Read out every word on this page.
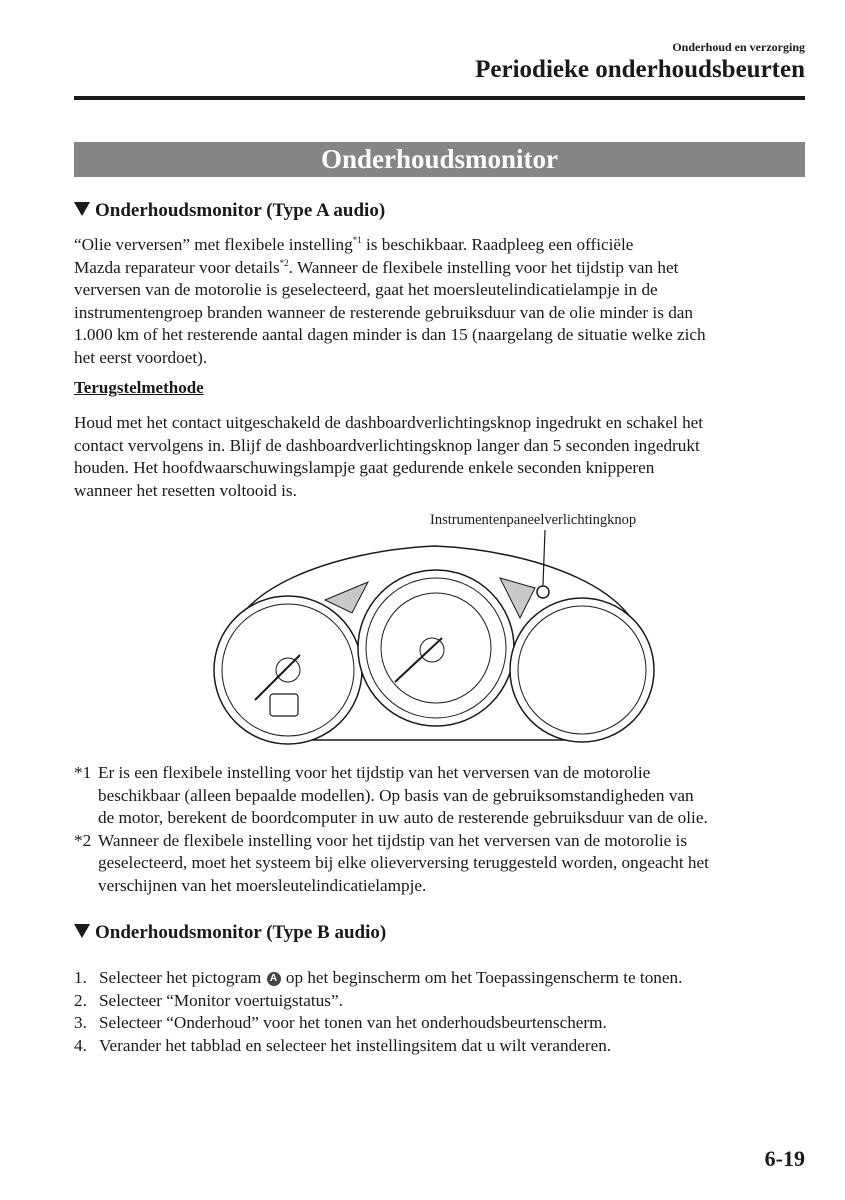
Onderhoud en verzorging
Periodieke onderhoudsbeurten
Onderhoudsmonitor
Onderhoudsmonitor (Type A audio)
“Olie verversen” met flexibele instelling$^{*1}$ is beschikbaar. Raadpleeg een officiële
Mazda reparateur voor details$^{*2}$. Wanneer de flexibele instelling voor het tijdstip van het
verversen van de motorolie is geselecteerd, gaat het moersleutelindicatielampje in de
instrumentengroep branden wanneer de resterende gebruiksduur van de olie minder is dan
1.000 km of het resterende aantal dagen minder is dan 15 (naargelang de situatie welke zich
het eerst voordoet).
Terugstelmethode
Houd met het contact uitgeschakeld de dashboardverlichtingsknop ingedrukt en schakel het
contact vervolgens in. Blijf de dashboardverlichtingsknop langer dan 5 seconden ingedrukt
houden. Het hoofdwaarschuwingslampje gaat gedurende enkele seconden knipperen
wanneer het resetten voltooid is.
Instrumentenpaneelverlichtingknop
*1 Er is een flexibele instelling voor het tijdstip van het verversen van de motorolie
beschikbaar (alleen bepaalde modellen). Op basis van de gebruiksomstandigheden van
de motor, berekent de boordcomputer in uw auto de resterende gebruiksduur van de olie.
*2 Wanneer de flexibele instelling voor het tijdstip van het verversen van de motorolie is
geselecteerd, moet het systeem bij elke olieverversing teruggesteld worden, ongeacht het
verschijnen van het moersleutelindicatielampje.
Onderhoudsmonitor (Type B audio)
1. Selecteer het pictogram A op het beginscherm om het Toepassingenscherm te tonen.
2. Selecteer “Monitor voertuigstatus”.
3. Selecteer “Onderhoud” voor het tonen van het onderhoudsbeurtenscherm.
4. Verander het tabblad en selecteer het instellingsitem dat u wilt veranderen.
6-19
